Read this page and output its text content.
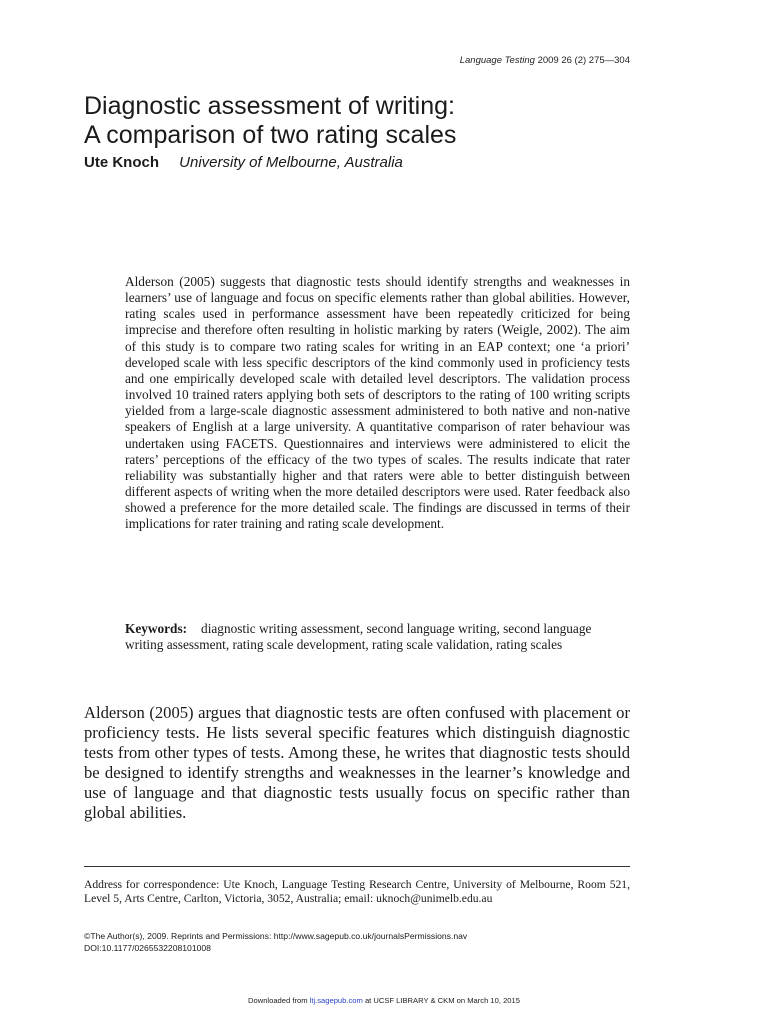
Language Testing 2009 26 (2) 275—304
Diagnostic assessment of writing:
A comparison of two rating scales
Ute Knoch University of Melbourne, Australia

Alderson (2005) suggests that diagnostic tests should identify strengths and weaknesses in learners’ use of language and focus on specific elements rather than global abilities. However, rating scales used in performance assessment have been repeatedly criticized for being imprecise and therefore often resulting in holistic marking by raters (Weigle, 2002). The aim of this study is to compare two rating scales for writing in an EAP context; one ‘a priori’ developed scale with less specific descriptors of the kind commonly used in proficiency tests and one empirically developed scale with detailed level descriptors. The validation process involved 10 trained raters applying both sets of descriptors to the rating of 100 writing scripts yielded from a large-scale diagnostic assessment administered to both native and non-native speakers of English at a large university. A quantitative comparison of rater behaviour was undertaken using FACETS. Questionnaires and interviews were administered to elicit the raters’ perceptions of the efficacy of the two types of scales. The results indicate that rater reliability was substantially higher and that raters were able to better distinguish between different aspects of writing when the more detailed descriptors were used. Rater feedback also showed a preference for the more detailed scale. The findings are discussed in terms of their implications for rater training and rating scale development.

Keywords: diagnostic writing assessment, second language writing, second language writing assessment, rating scale development, rating scale validation, rating scales

Alderson (2005) argues that diagnostic tests are often confused with placement or proficiency tests. He lists several specific features which distinguish diagnostic tests from other types of tests. Among these, he writes that diagnostic tests should be designed to identify strengths and weaknesses in the learner’s knowledge and use of language and that diagnostic tests usually focus on specific rather than global abilities.

Address for correspondence: Ute Knoch, Language Testing Research Centre, University of Melbourne, Room 521, Level 5, Arts Centre, Carlton, Victoria, 3052, Australia; email: uknoch@unimelb.edu.au

©The Author(s), 2009. Reprints and Permissions: http://www.sagepub.co.uk/journalsPermissions.nav
DOI:10.1177/0265532208101008
Downloaded from ltj.sagepub.com at UCSF LIBRARY & CKM on March 10, 2015
